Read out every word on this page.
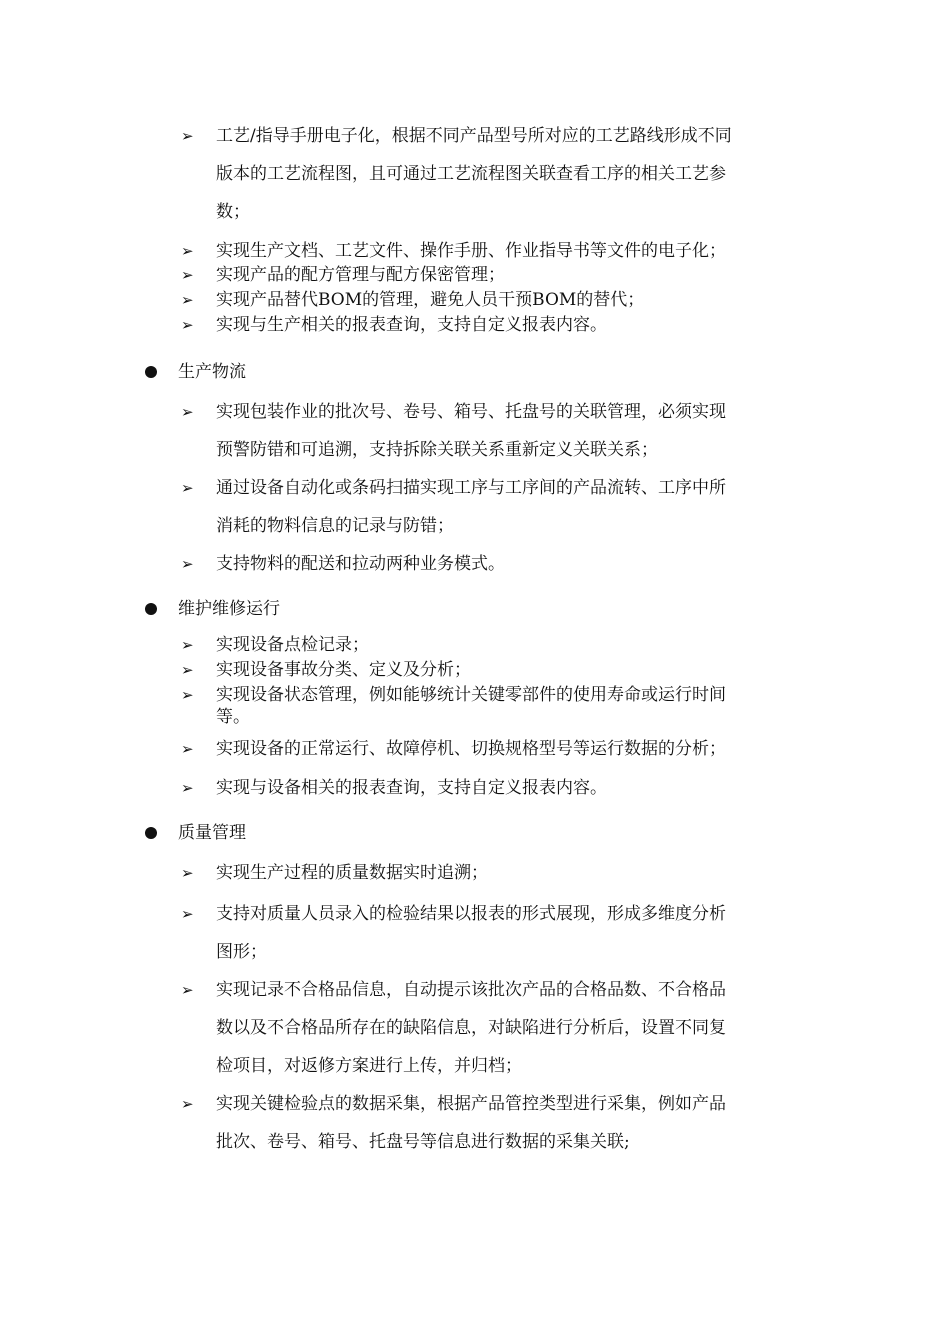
➢ 工艺/指导手册电子化，根据不同产品型号所对应的工艺路线形成不同
版本的工艺流程图，且可通过工艺流程图关联查看工序的相关工艺参
数；
➢ 实现生产文档、工艺文件、操作手册、作业指导书等文件的电子化；
➢ 实现产品的配方管理与配方保密管理；
➢ 实现产品替代BOM的管理，避免人员干预BOM的替代；
➢ 实现与生产相关的报表查询，支持自定义报表内容。
生产物流
➢ 实现包装作业的批次号、卷号、箱号、托盘号的关联管理，必须实现
预警防错和可追溯，支持拆除关联关系重新定义关联关系；
➢ 通过设备自动化或条码扫描实现工序与工序间的产品流转、工序中所
消耗的物料信息的记录与防错；
➢ 支持物料的配送和拉动两种业务模式。
维护维修运行
➢ 实现设备点检记录；
➢ 实现设备事故分类、定义及分析；
➢ 实现设备状态管理，例如能够统计关键零部件的使用寿命或运行时间
等。
➢ 实现设备的正常运行、故障停机、切换规格型号等运行数据的分析；
➢ 实现与设备相关的报表查询，支持自定义报表内容。
质量管理
➢ 实现生产过程的质量数据实时追溯；
➢ 支持对质量人员录入的检验结果以报表的形式展现，形成多维度分析
图形；
➢ 实现记录不合格品信息，自动提示该批次产品的合格品数、不合格品
数以及不合格品所存在的缺陷信息，对缺陷进行分析后，设置不同复
检项目，对返修方案进行上传，并归档；
➢ 实现关键检验点的数据采集，根据产品管控类型进行采集，例如产品
批次、卷号、箱号、托盘号等信息进行数据的采集关联;
